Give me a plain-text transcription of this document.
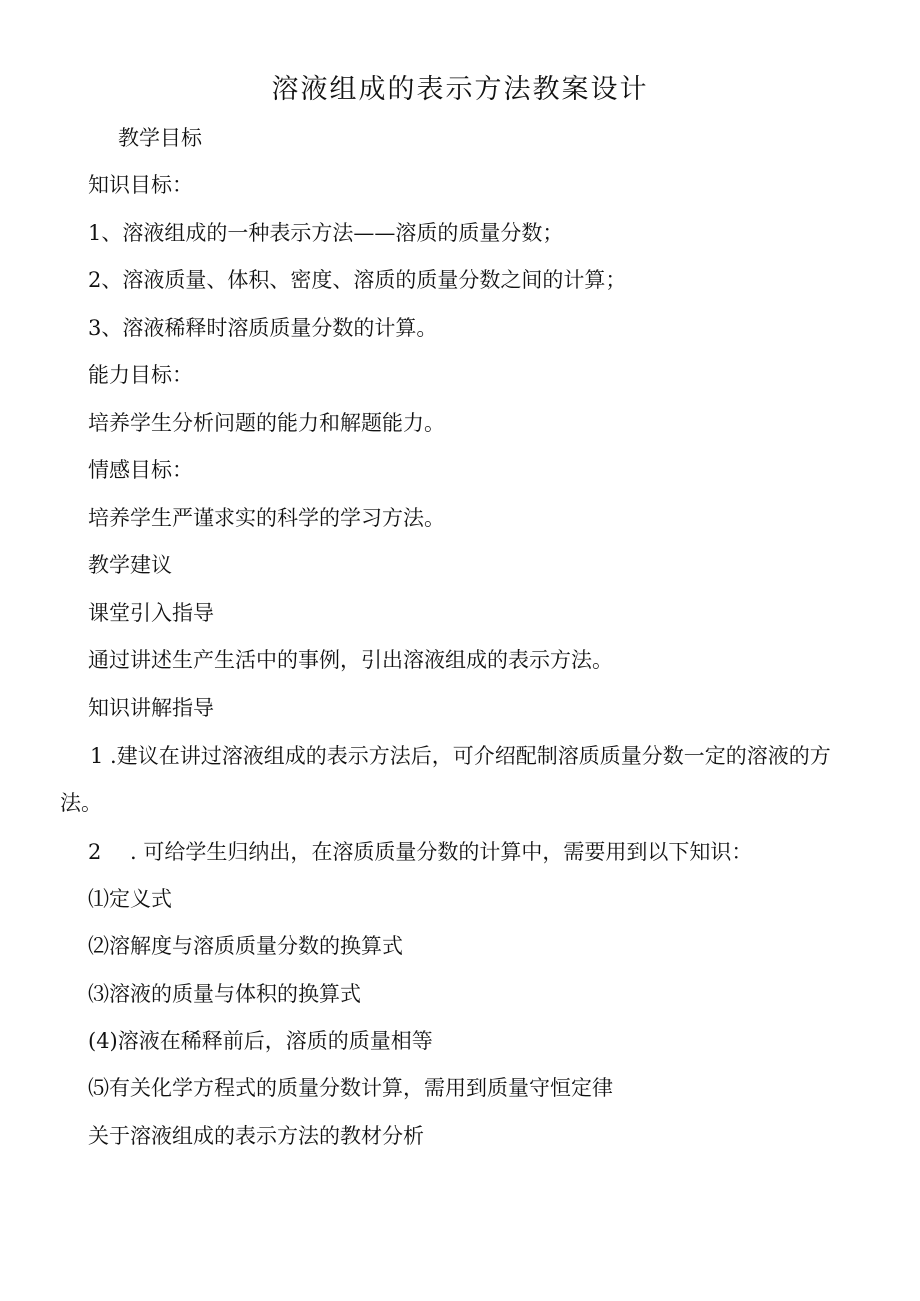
溶液组成的表示方法教案设计
教学目标
知识目标：
1、溶液组成的一种表示方法——溶质的质量分数；
2、溶液质量、体积、密度、溶质的质量分数之间的计算；
3、溶液稀释时溶质质量分数的计算。
能力目标：
培养学生分析问题的能力和解题能力。
情感目标：
培养学生严谨求实的科学的学习方法。
教学建议
课堂引入指导
通过讲述生产生活中的事例，引出溶液组成的表示方法。
知识讲解指导
1 .建议在讲过溶液组成的表示方法后，可介绍配制溶质质量分数一定的溶液的方法。
2 . 可给学生归纳出，在溶质质量分数的计算中，需要用到以下知识：
⑴定义式
⑵溶解度与溶质质量分数的换算式
⑶溶液的质量与体积的换算式
(4)溶液在稀释前后，溶质的质量相等
⑸有关化学方程式的质量分数计算，需用到质量守恒定律
关于溶液组成的表示方法的教材分析
